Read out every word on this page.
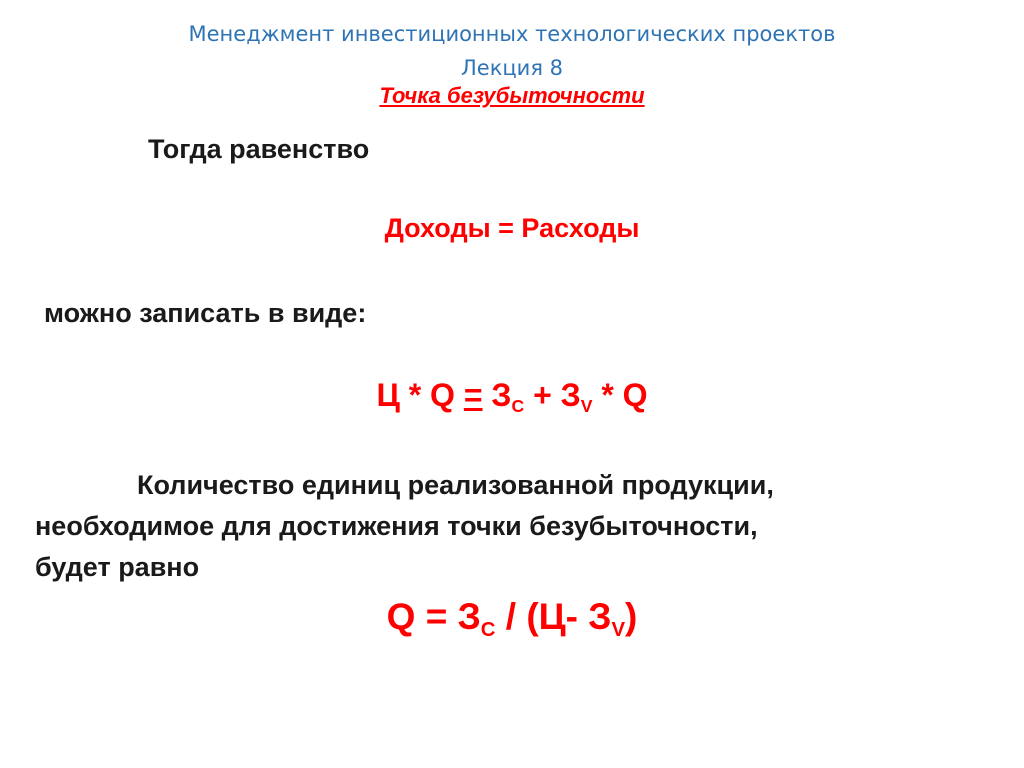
Менеджмент инвестиционных технологических проектов
Лекция 8
Точка безубыточности
Тогда равенство
Доходы = Расходы
можно записать в виде:
$Ц * Q = З_С + З_V * Q$
Количество единиц реализованной продукции,
необходимое для достижения точки безубыточности,
будет равно
$Q = З_С / (Ц-$ $З_V$)
